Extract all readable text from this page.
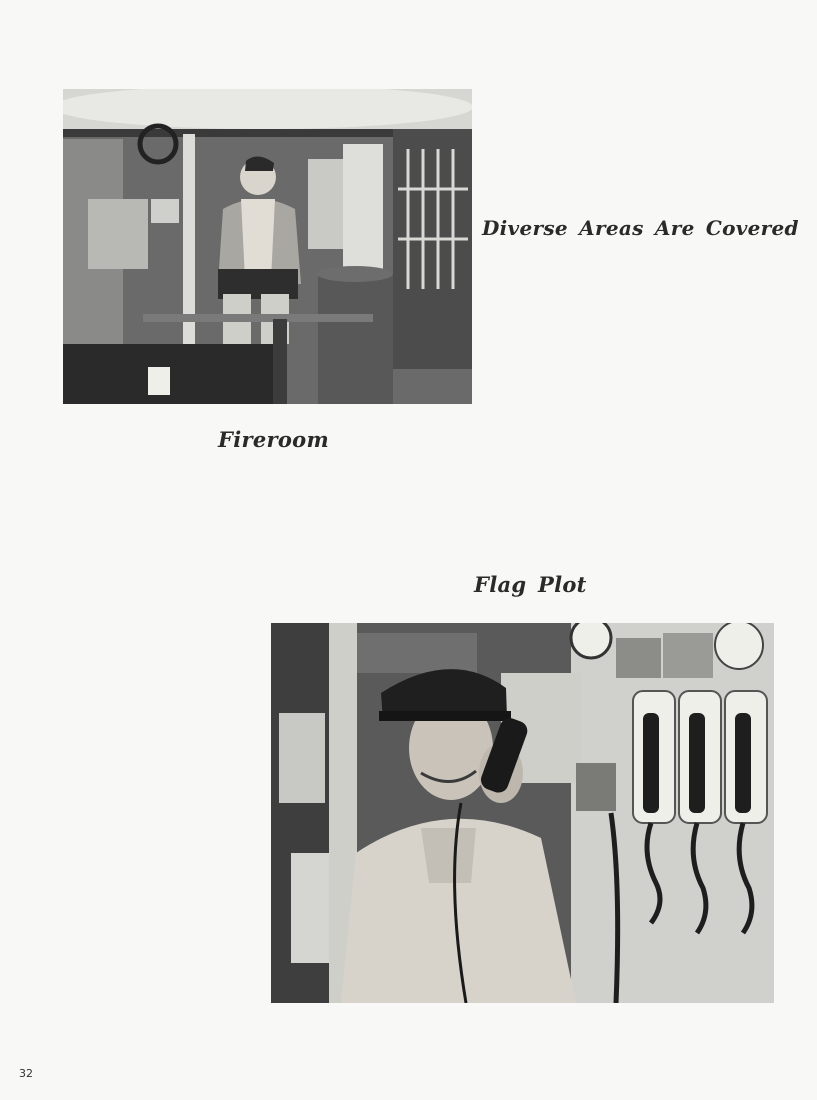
Diverse Areas Are Covered

Fireroom

Flag Plot

32
